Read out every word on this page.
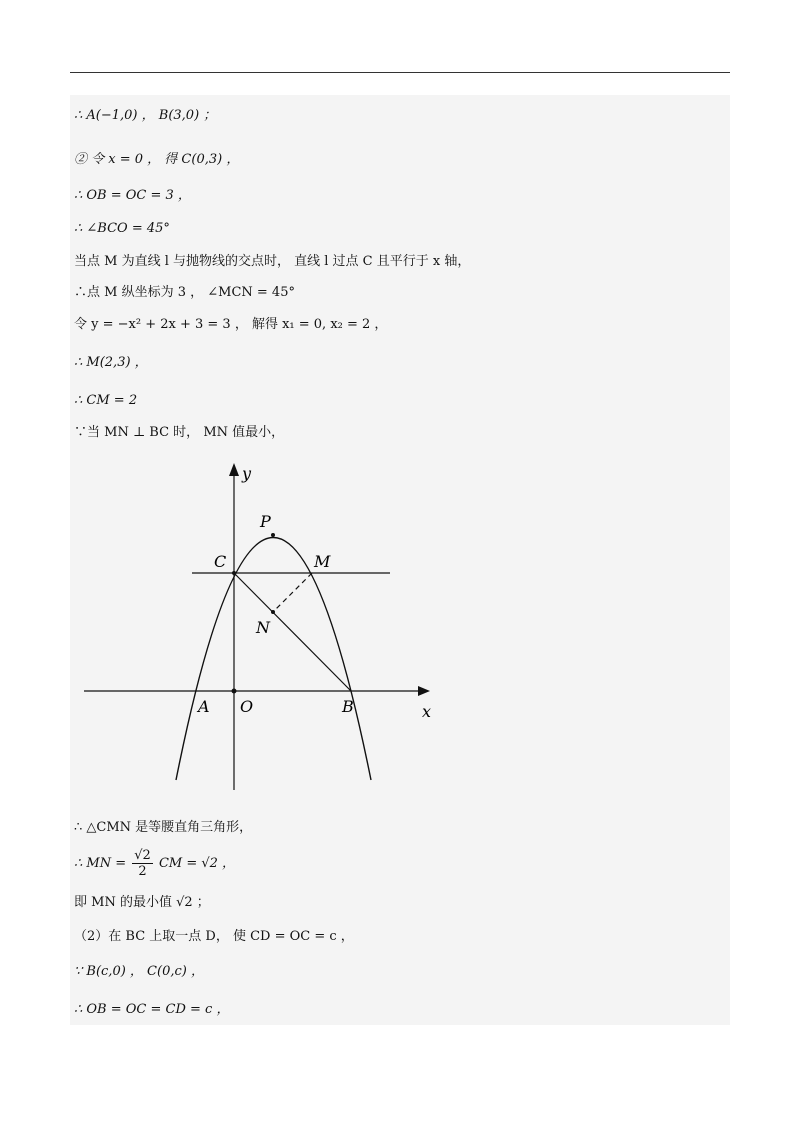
∴ A(−1,0) ， B(3,0) ；
② 令 x = 0 ， 得 C(0,3) ，
∴ OB = OC = 3 ，
∴ ∠BCO = 45°
当点 M 为直线 l 与抛物线的交点时， 直线 l 过点 C 且平行于 x 轴，
∴点 M 纵坐标为 3 ， ∠MCN = 45°
令 y = −x² + 2x + 3 = 3 ， 解得 x₁ = 0, x₂ = 2 ，
∴ M(2,3) ，
∴ CM = 2
∵当 MN ⊥ BC 时， MN 值最小，
y
x
P
C	M
N
A O	B
∴ △CMN 是等腰直角三角形，
∴ MN = $\frac{√2}{2}$ CM = √2 ，
即 MN 的最小值 √2 ；
（2）在 BC 上取一点 D， 使 CD = OC = c ，
∵ B(c,0) ， C(0,c) ，
∴ OB = OC = CD = c ，
